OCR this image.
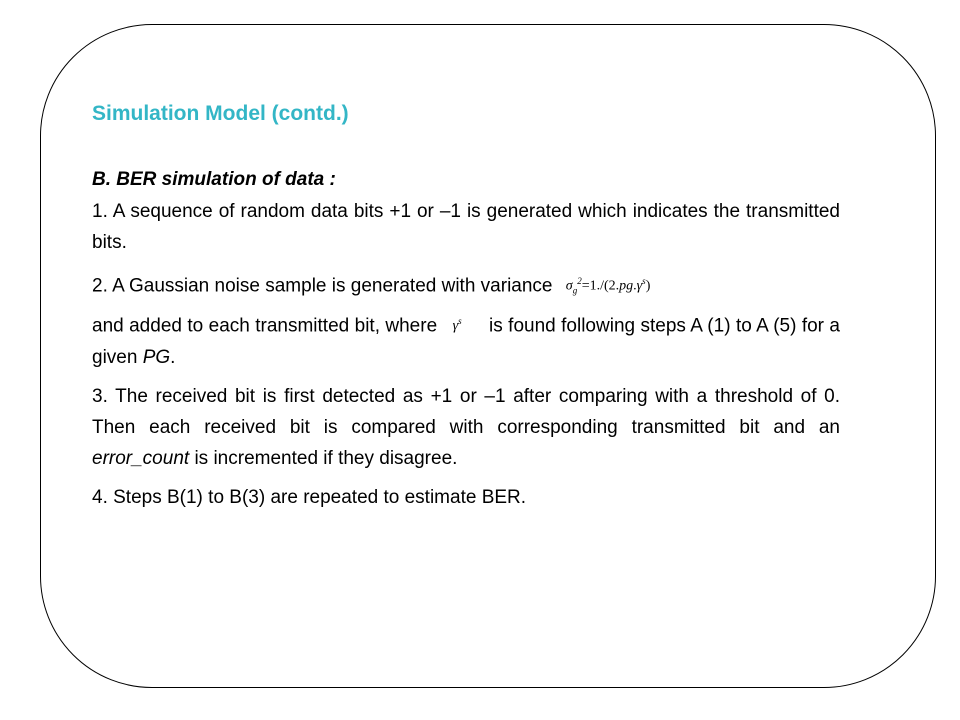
Simulation Model (contd.)

B. BER simulation of data :

1. A sequence of random data bits +1 or –1 is generated which indicates the transmitted bits.

2. A Gaussian noise sample is generated with variance $\sigma_g^2=1./(2.pg.\gamma^s)$
and added to each transmitted bit, where $\gamma^s$ is found following steps A (1) to A (5) for a given PG.

3. The received bit is first detected as +1 or –1 after comparing with a threshold of 0. Then each received bit is compared with corresponding transmitted bit and an error_count is incremented if they disagree.

4. Steps B(1) to B(3) are repeated to estimate BER.
